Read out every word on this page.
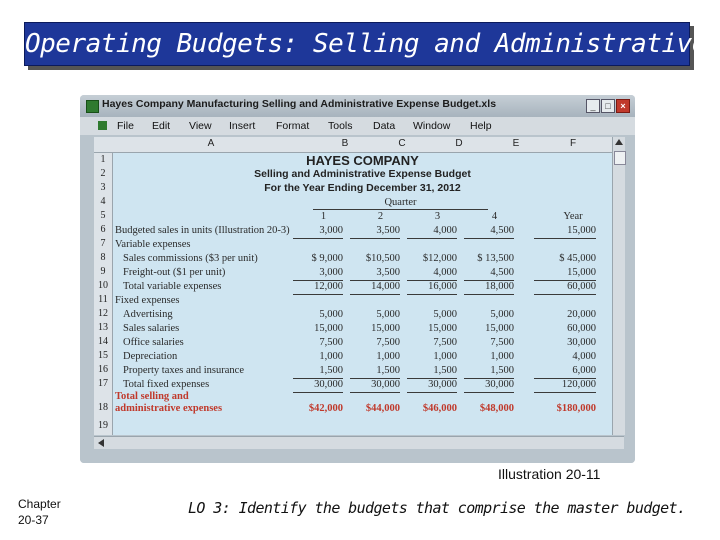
Operating Budgets: Selling and Administrative
Hayes Company Manufacturing Selling and Administrative Expense Budget.xls	_	□	×
File Edit View Insert Format Tools Data Window Help
A	B	C	D	E	F
1
2
3
4
5
6
7
8
9
10
11
12
13
14
15
16
17
18
19
HAYES COMPANY
Selling and Administrative Expense Budget
For the Year Ending December 31, 2012
Quarter
1	2	3	4	Year
Budgeted sales in units (Illustration 20-3)	3,000	3,500	4,000	4,500	15,000
Variable expenses
Sales commissions ($3 per unit)	$ 9,000	$10,500	$12,000	$ 13,500	$ 45,000
Freight-out ($1 per unit)	3,000	3,500	4,000	4,500	15,000
Total variable expenses	12,000	14,000	16,000	18,000	60,000
Fixed expenses
Advertising	5,000	5,000	5,000	5,000	20,000
Sales salaries	15,000	15,000	15,000	15,000	60,000
Office salaries	7,500	7,500	7,500	7,500	30,000
Depreciation	1,000	1,000	1,000	1,000	4,000
Property taxes and insurance	1,500	1,500	1,500	1,500	6,000
Total fixed expenses	30,000	30,000	30,000	30,000	120,000
Total selling and
administrative expenses	$42,000	$44,000	$46,000	$48,000	$180,000
Illustration 20-11
Chapter
20-37
LO 3: Identify the budgets that comprise the master budget.
